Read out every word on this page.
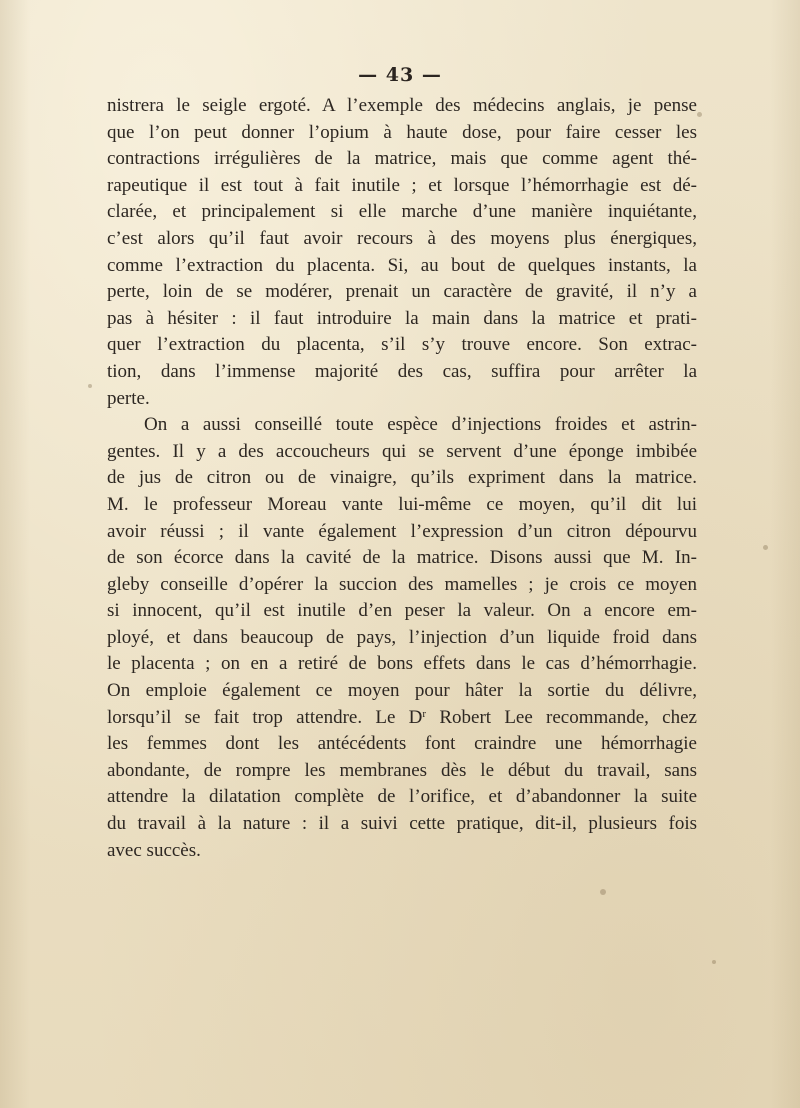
— 43 —

nistrera le seigle ergoté. A l’exemple des médecins anglais, je pense
que l’on peut donner l’opium à haute dose, pour faire cesser les
contractions irrégulières de la matrice, mais que comme agent thé-
rapeutique il est tout à fait inutile ; et lorsque l’hémorrhagie est dé-
clarée, et principalement si elle marche d’une manière inquiétante,
c’est alors qu’il faut avoir recours à des moyens plus énergiques,
comme l’extraction du placenta. Si, au bout de quelques instants, la
perte, loin de se modérer, prenait un caractère de gravité, il n’y a
pas à hésiter : il faut introduire la main dans la matrice et prati-
quer l’extraction du placenta, s’il s’y trouve encore. Son extrac-
tion, dans l’immense majorité des cas, suffira pour arrêter la
perte.

On a aussi conseillé toute espèce d’injections froides et astrin-
gentes. Il y a des accoucheurs qui se servent d’une éponge imbibée
de jus de citron ou de vinaigre, qu’ils expriment dans la matrice.
M. le professeur Moreau vante lui-même ce moyen, qu’il dit lui
avoir réussi ; il vante également l’expression d’un citron dépourvu
de son écorce dans la cavité de la matrice. Disons aussi que M. In-
gleby conseille d’opérer la succion des mamelles ; je crois ce moyen
si innocent, qu’il est inutile d’en peser la valeur. On a encore em-
ployé, et dans beaucoup de pays, l’injection d’un liquide froid dans
le placenta ; on en a retiré de bons effets dans le cas d’hémorrhagie.
On emploie également ce moyen pour hâter la sortie du délivre,
lorsqu’il se fait trop attendre. Le $D^r$ Robert Lee recommande, chez
les femmes dont les antécédents font craindre une hémorrhagie
abondante, de rompre les membranes dès le début du travail, sans
attendre la dilatation complète de l’orifice, et d’abandonner la suite
du travail à la nature : il a suivi cette pratique, dit-il, plusieurs fois
avec succès.
